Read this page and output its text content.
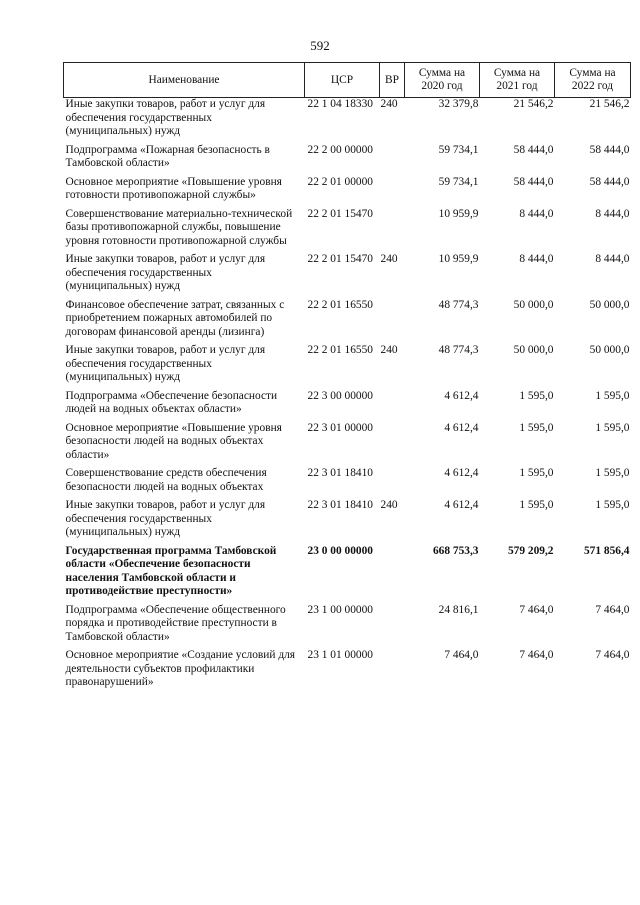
592
Наименование	ЦСР	ВР	Сумма на 2020 год	Сумма на 2021 год	Сумма на 2022 год
Иные закупки товаров, работ и услуг для обеспечения государственных (муниципальных) нужд	22 1 04 18330	240	32 379,8	21 546,2	21 546,2
Подпрограмма «Пожарная безопасность в Тамбовской области»	22 2 00 00000		59 734,1	58 444,0	58 444,0
Основное мероприятие «Повышение уровня готовности противопожарной службы»	22 2 01 00000		59 734,1	58 444,0	58 444,0
Совершенствование материально-технической базы противопожарной службы, повышение уровня готовности противопожарной службы	22 2 01 15470		10 959,9	8 444,0	8 444,0
Иные закупки товаров, работ и услуг для обеспечения государственных (муниципальных) нужд	22 2 01 15470	240	10 959,9	8 444,0	8 444,0
Финансовое обеспечение затрат, связанных с приобретением пожарных автомобилей по договорам финансовой аренды (лизинга)	22 2 01 16550		48 774,3	50 000,0	50 000,0
Иные закупки товаров, работ и услуг для обеспечения государственных (муниципальных) нужд	22 2 01 16550	240	48 774,3	50 000,0	50 000,0
Подпрограмма «Обеспечение безопасности людей на водных объектах области»	22 3 00 00000		4 612,4	1 595,0	1 595,0
Основное мероприятие «Повышение уровня безопасности людей на водных объектах области»	22 3 01 00000		4 612,4	1 595,0	1 595,0
Совершенствование средств обеспечения безопасности людей на водных объектах	22 3 01 18410		4 612,4	1 595,0	1 595,0
Иные закупки товаров, работ и услуг для обеспечения государственных (муниципальных) нужд	22 3 01 18410	240	4 612,4	1 595,0	1 595,0
Государственная программа Тамбовской области «Обеспечение безопасности населения Тамбовской области и противодействие преступности»	23 0 00 00000		668 753,3	579 209,2	571 856,4
Подпрограмма «Обеспечение общественного порядка и противодействие преступности в Тамбовской области»	23 1 00 00000		24 816,1	7 464,0	7 464,0
Основное мероприятие «Создание условий для деятельности субъектов профилактики правонарушений»	23 1 01 00000		7 464,0	7 464,0	7 464,0
